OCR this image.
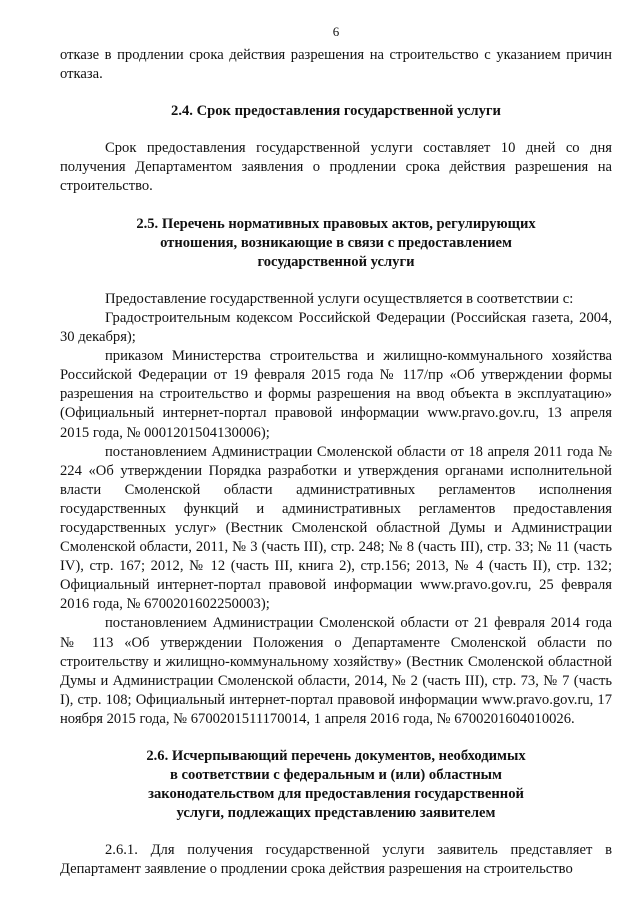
6

отказе в продлении срока действия разрешения на строительство с указанием причин отказа.

2.4. Срок предоставления государственной услуги

Срок предоставления государственной услуги составляет 10 дней со дня получения Департаментом заявления о продлении срока действия разрешения на строительство.

2.5. Перечень нормативных правовых актов, регулирующих
отношения, возникающие в связи с предоставлением
государственной услуги

Предоставление государственной услуги осуществляется в соответствии с:

Градостроительным кодексом Российской Федерации (Российская газета, 2004, 30 декабря);

приказом Министерства строительства и жилищно-коммунального хозяйства Российской Федерации от 19 февраля 2015 года № 117/пр «Об утверждении формы разрешения на строительство и формы разрешения на ввод объекта в эксплуатацию» (Официальный интернет-портал правовой информации www.pravo.gov.ru, 13 апреля 2015 года, № 0001201504130006);

постановлением Администрации Смоленской области от 18 апреля 2011 года № 224 «Об утверждении Порядка разработки и утверждения органами исполнительной власти Смоленской области административных регламентов исполнения государственных функций и административных регламентов предоставления государственных услуг» (Вестник Смоленской областной Думы и Администрации Смоленской области, 2011, № 3 (часть III), стр. 248; № 8 (часть III), стр. 33; № 11 (часть IV), стр. 167; 2012, № 12 (часть III, книга 2), стр.156; 2013, № 4 (часть II), стр. 132; Официальный интернет-портал правовой информации www.pravo.gov.ru, 25 февраля 2016 года, № 6700201602250003);

постановлением Администрации Смоленской области от 21 февраля 2014 года № 113 «Об утверждении Положения о Департаменте Смоленской области по строительству и жилищно-коммунальному хозяйству» (Вестник Смоленской областной Думы и Администрации Смоленской области, 2014, № 2 (часть III), стр. 73, № 7 (часть I), стр. 108; Официальный интернет-портал правовой информации www.pravo.gov.ru, 17 ноября 2015 года, № 6700201511170014, 1 апреля 2016 года, № 6700201604010026.

2.6. Исчерпывающий перечень документов, необходимых
в соответствии с федеральным и (или) областным
законодательством для предоставления государственной
услуги, подлежащих представлению заявителем

2.6.1. Для получения государственной услуги заявитель представляет в Департамент заявление о продлении срока действия разрешения на строительство
